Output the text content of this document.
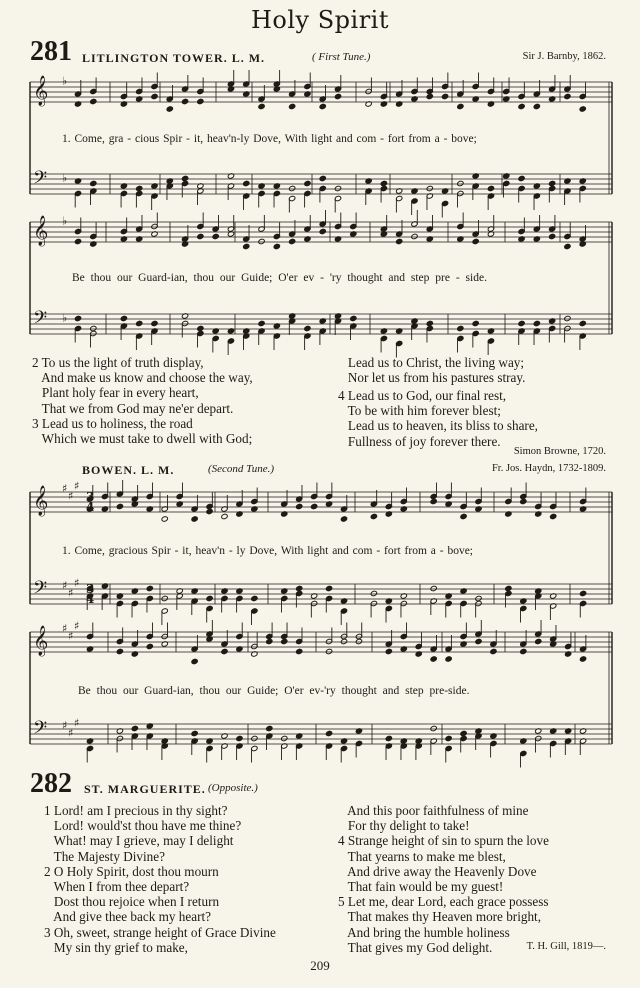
Holy Spirit
281 LITLINGTON TOWER. L. M.	( First Tune.)	Sir J. Barnby, 1862.
𝄞
𝄢
♭
♭
𝄞
𝄢
♭
♭
𝄞
𝄢
♯
♯
♯
♯
♯
♯
𝄞
𝄢
♯
♯
♯
♯
♯
♯
3
4
3
4
1. Come, gra - cious Spir - it, heav'n-ly Dove, With light and com - fort from a - bove;
Be thou our Guard-ian, thou our Guide; O'er ev - 'ry thought and step pre - side.
2 To us the light of truth display,
And make us know and choose the way,
Plant holy fear in every heart,
That we from God may ne'er depart.
3 Lead us to holiness, the road
Which we must take to dwell with God;
Lead us to Christ, the living way;
Nor let us from his pastures stray.
4 Lead us to God, our final rest,
To be with him forever blest;
Lead us to heaven, its bliss to share,
Fullness of joy forever there.
Simon Browne, 1720.
BOWEN. L. M.	(Second Tune.)	Fr. Jos. Haydn, 1732-1809.
1. Come, gracious Spir - it, heav'n - ly Dove, With light and com - fort from a - bove;
Be thou our Guard-ian, thou our Guide; O'er ev-'ry thought and step pre-side.
282 ST. MARGUERITE. (Opposite.)
1 Lord! am I precious in thy sight?
Lord! would'st thou have me thine?
What! may I grieve, may I delight
The Majesty Divine?
2 O Holy Spirit, dost thou mourn
When I from thee depart?
Dost thou rejoice when I return
And give thee back my heart?
3 Oh, sweet, strange height of Grace Divine
My sin thy grief to make,
And this poor faithfulness of mine
For thy delight to take!
4 Strange height of sin to spurn the love
That yearns to make me blest,
And drive away the Heavenly Dove
That fain would be my guest!
5 Let me, dear Lord, each grace possess
That makes thy Heaven more bright,
And bring the humble holiness
That gives my God delight.	T. H. Gill, 1819—.
209
